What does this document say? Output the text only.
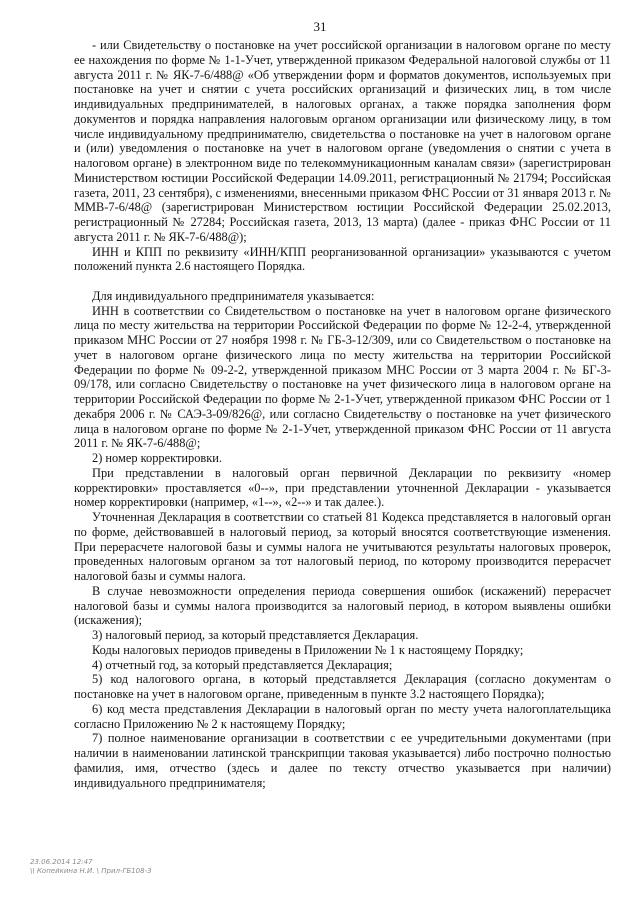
31

- или Свидетельству о постановке на учет российской организации в налоговом органе по месту ее нахождения по форме № 1-1-Учет, утвержденной приказом Федеральной налоговой службы от 11 августа 2011 г. № ЯК-7-6/488@ «Об утверждении форм и форматов документов, используемых при постановке на учет и снятии с учета российских организаций и физических лиц, в том числе индивидуальных предпринимателей, в налоговых органах, а также порядка заполнения форм документов и порядка направления налоговым органом организации или физическому лицу, в том числе индивидуальному предпринимателю, свидетельства о постановке на учет в налоговом органе и (или) уведомления о постановке на учет в налоговом органе (уведомления о снятии с учета в налоговом органе) в электронном виде по телекоммуникационным каналам связи» (зарегистрирован Министерством юстиции Российской Федерации 14.09.2011, регистрационный № 21794; Российская газета, 2011, 23 сентября), с изменениями, внесенными приказом ФНС России от 31 января 2013 г. № ММВ-7-6/48@ (зарегистрирован Министерством юстиции Российской Федерации 25.02.2013, регистрационный № 27284; Российская газета, 2013, 13 марта) (далее - приказ ФНС России от 11 августа 2011 г. № ЯК-7-6/488@);

ИНН и КПП по реквизиту «ИНН/КПП реорганизованной организации» указываются с учетом положений пункта 2.6 настоящего Порядка.

Для индивидуального предпринимателя указывается:

ИНН в соответствии со Свидетельством о постановке на учет в налоговом органе физического лица по месту жительства на территории Российской Федерации по форме № 12-2-4, утвержденной приказом МНС России от 27 ноября 1998 г. № ГБ-3-12/309, или со Свидетельством о постановке на учет в налоговом органе физического лица по месту жительства на территории Российской Федерации по форме № 09-2-2, утвержденной приказом МНС России от 3 марта 2004 г. № БГ-3-09/178, или согласно Свидетельству о постановке на учет физического лица в налоговом органе на территории Российской Федерации по форме № 2-1-Учет, утвержденной приказом ФНС России от 1 декабря 2006 г. № САЭ-3-09/826@, или согласно Свидетельству о постановке на учет физического лица в налоговом органе по форме № 2-1-Учет, утвержденной приказом ФНС России от 11 августа 2011 г. № ЯК-7-6/488@;

2) номер корректировки.

При представлении в налоговый орган первичной Декларации по реквизиту «номер корректировки» проставляется «0--», при представлении уточненной Декларации - указывается номер корректировки (например, «1--», «2--» и так далее.).

Уточненная Декларация в соответствии со статьей 81 Кодекса представляется в налоговый орган по форме, действовавшей в налоговый период, за который вносятся соответствующие изменения. При перерасчете налоговой базы и суммы налога не учитываются результаты налоговых проверок, проведенных налоговым органом за тот налоговый период, по которому производится перерасчет налоговой базы и суммы налога.

В случае невозможности определения периода совершения ошибок (искажений) перерасчет налоговой базы и суммы налога производится за налоговый период, в котором выявлены ошибки (искажения);

3) налоговый период, за который представляется Декларация.

Коды налоговых периодов приведены в Приложении № 1 к настоящему Порядку;

4) отчетный год, за который представляется Декларация;

5) код налогового органа, в который представляется Декларация (согласно документам о постановке на учет в налоговом органе, приведенным в пункте 3.2 настоящего Порядка);

6) код места представления Декларации в налоговый орган по месту учета налогоплательщика согласно Приложению № 2 к настоящему Порядку;

7) полное наименование организации в соответствии с ее учредительными документами (при наличии в наименовании латинской транскрипции таковая указывается) либо построчно полностью фамилия, имя, отчество (здесь и далее по тексту отчество указывается при наличии) индивидуального предпринимателя;

23.06.2014 12:47
\\ Копейкина Н.И. \ Прил-ГБ108-3
